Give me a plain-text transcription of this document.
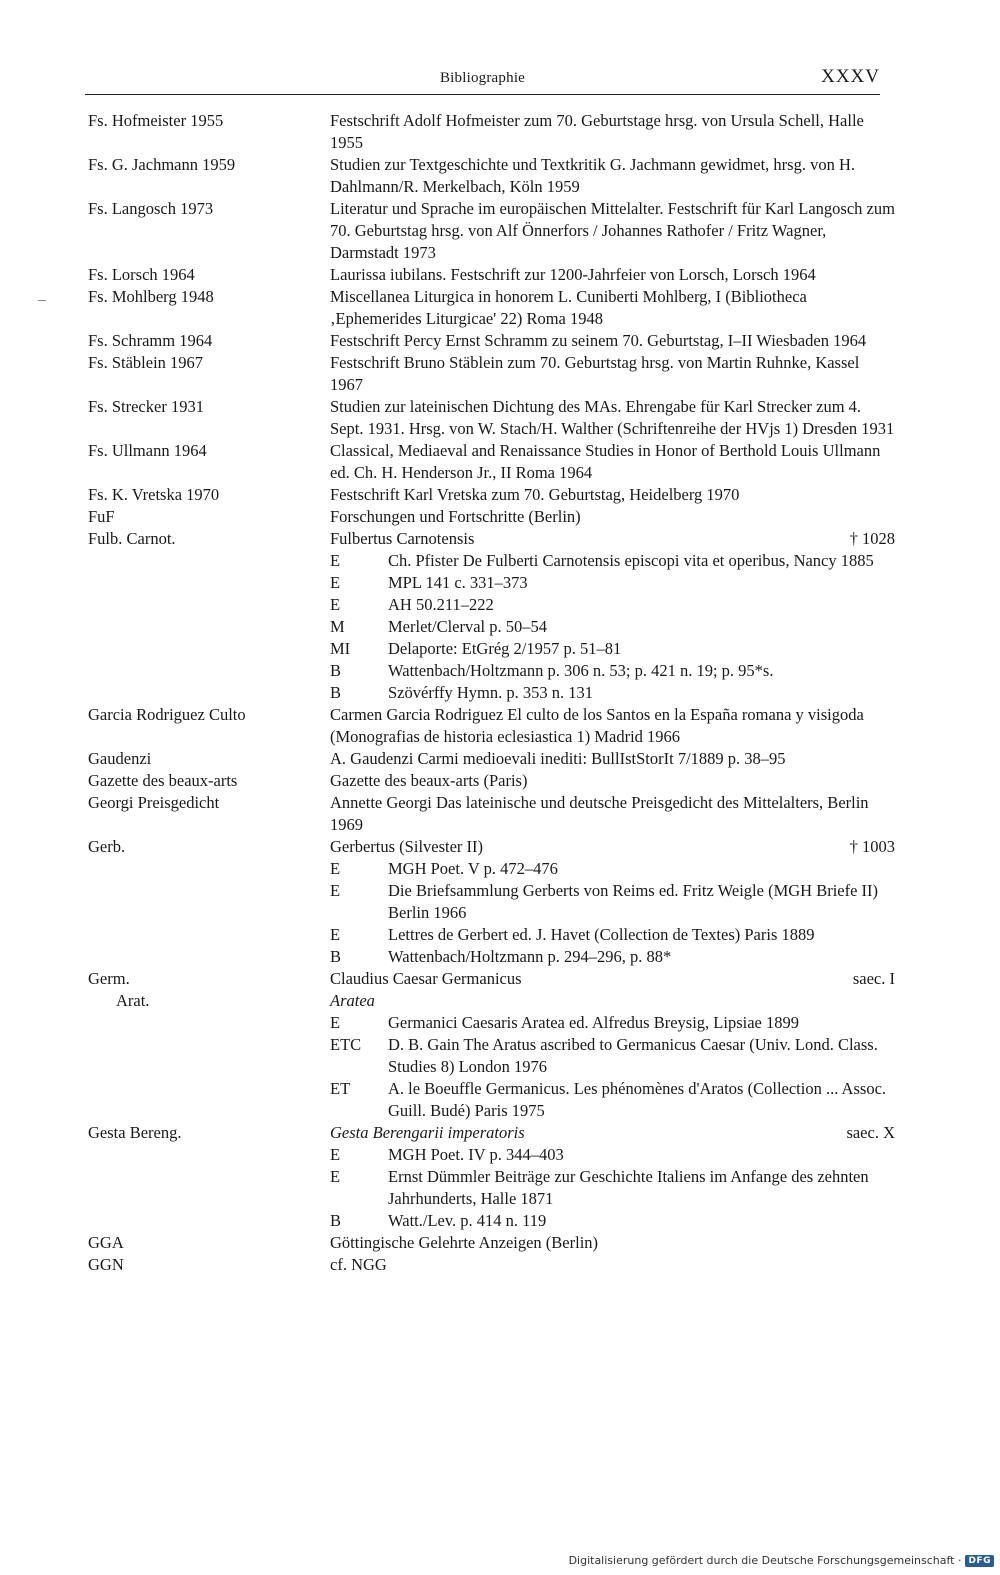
Bibliographie	XXXV
Fs. Hofmeister 1955	Festschrift Adolf Hofmeister zum 70. Geburtstage hrsg. von Ursula Schell, Halle 1955
Fs. G. Jachmann 1959	Studien zur Textgeschichte und Textkritik G. Jachmann gewidmet, hrsg. von H. Dahlmann/R. Merkelbach, Köln 1959
Fs. Langosch 1973	Literatur und Sprache im europäischen Mittelalter. Festschrift für Karl Langosch zum 70. Geburtstag hrsg. von Alf Önnerfors / Johannes Rathofer / Fritz Wagner, Darmstadt 1973
Fs. Lorsch 1964	Laurissa iubilans. Festschrift zur 1200-Jahrfeier von Lorsch, Lorsch 1964
Fs. Mohlberg 1948	Miscellanea Liturgica in honorem L. Cuniberti Mohlberg, I (Bibliotheca ‚Ephemerides Liturgicae' 22) Roma 1948
Fs. Schramm 1964	Festschrift Percy Ernst Schramm zu seinem 70. Geburtstag, I–II Wiesbaden 1964
Fs. Stäblein 1967	Festschrift Bruno Stäblein zum 70. Geburtstag hrsg. von Martin Ruhnke, Kassel 1967
Fs. Strecker 1931	Studien zur lateinischen Dichtung des MAs. Ehrengabe für Karl Strecker zum 4. Sept. 1931. Hrsg. von W. Stach/H. Walther (Schriftenreihe der HVjs 1) Dresden 1931
Fs. Ullmann 1964	Classical, Mediaeval and Renaissance Studies in Honor of Berthold Louis Ullmann ed. Ch. H. Henderson Jr., II Roma 1964
Fs. K. Vretska 1970	Festschrift Karl Vretska zum 70. Geburtstag, Heidelberg 1970
FuF	Forschungen und Fortschritte (Berlin)
Fulb. Carnot.	Fulbertus Carnotensis	† 1028
E	Ch. Pfister De Fulberti Carnotensis episcopi vita et operibus, Nancy 1885
E	MPL 141 c. 331–373
E	AH 50.211–222
M	Merlet/Clerval p. 50–54
MI	Delaporte: EtGrég 2/1957 p. 51–81
B	Wattenbach/Holtzmann p. 306 n. 53; p. 421 n. 19; p. 95*s.
B	Szövérffy Hymn. p. 353 n. 131
Garcia Rodriguez Culto	Carmen Garcia Rodriguez El culto de los Santos en la España romana y visigoda (Monografias de historia eclesiastica 1) Madrid 1966
Gaudenzi	A. Gaudenzi Carmi medioevali inediti: BullIstStorIt 7/1889 p. 38–95
Gazette des beaux-arts	Gazette des beaux-arts (Paris)
Georgi Preisgedicht	Annette Georgi Das lateinische und deutsche Preisgedicht des Mittelalters, Berlin 1969
Gerb.	Gerbertus (Silvester II)	† 1003
E	MGH Poet. V p. 472–476
E	Die Briefsammlung Gerberts von Reims ed. Fritz Weigle (MGH Briefe II) Berlin 1966
E	Lettres de Gerbert ed. J. Havet (Collection de Textes) Paris 1889
B	Wattenbach/Holtzmann p. 294–296, p. 88*
Germ.	Claudius Caesar Germanicus	saec. I
Arat.	Aratea
E	Germanici Caesaris Aratea ed. Alfredus Breysig, Lipsiae 1899
ETC	D. B. Gain The Aratus ascribed to Germanicus Caesar (Univ. Lond. Class. Studies 8) London 1976
ET	A. le Boeuffle Germanicus. Les phénomènes d'Aratos (Collection ... Assoc. Guill. Budé) Paris 1975
Gesta Bereng.	Gesta Berengarii imperatoris	saec. X
E	MGH Poet. IV p. 344–403
E	Ernst Dümmler Beiträge zur Geschichte Italiens im Anfange des zehnten Jahrhunderts, Halle 1871
B	Watt./Lev. p. 414 n. 119
GGA	Göttingische Gelehrte Anzeigen (Berlin)
GGN	cf. NGG
Digitalisierung gefördert durch die Deutsche Forschungsgemeinschaft · DFG
